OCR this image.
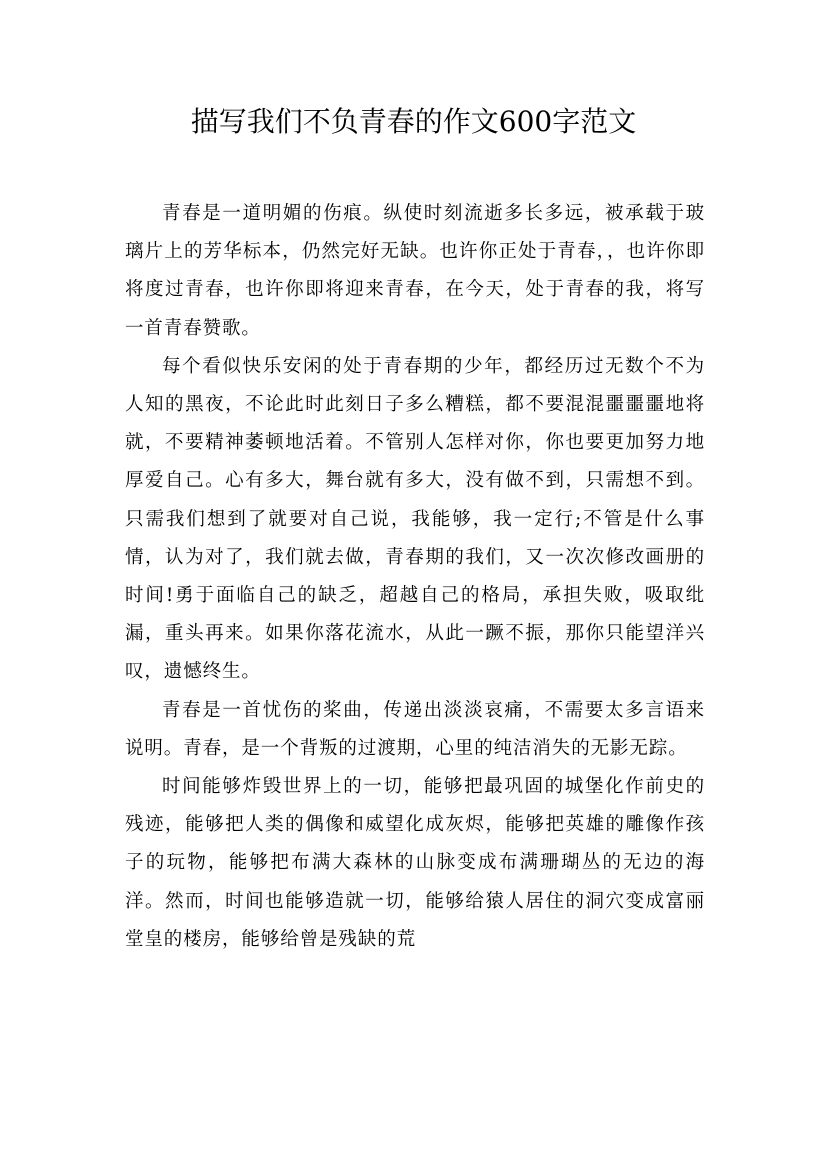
描写我们不负青春的作文600字范文

青春是一道明媚的伤痕。纵使时刻流逝多长多远，被承载于玻璃片上的芳华标本，仍然完好无缺。也许你正处于青春，，也许你即将度过青春，也许你即将迎来青春，在今天，处于青春的我，将写一首青春赞歌。

每个看似快乐安闲的处于青春期的少年，都经历过无数个不为人知的黑夜，不论此时此刻日子多么糟糕，都不要混混噩噩噩地将就，不要精神萎顿地活着。不管别人怎样对你，你也要更加努力地厚爱自己。心有多大，舞台就有多大，没有做不到，只需想不到。只需我们想到了就要对自己说，我能够，我一定行;不管是什么事情，认为对了，我们就去做，青春期的我们，又一次次修改画册的时间!勇于面临自己的缺乏，超越自己的格局，承担失败，吸取纰漏，重头再来。如果你落花流水，从此一蹶不振，那你只能望洋兴叹，遗憾终生。

青春是一首忧伤的桨曲，传递出淡淡哀痛，不需要太多言语来说明。青春，是一个背叛的过渡期，心里的纯洁消失的无影无踪。

时间能够炸毁世界上的一切，能够把最巩固的城堡化作前史的残迹，能够把人类的偶像和威望化成灰烬，能够把英雄的雕像作孩子的玩物，能够把布满大森林的山脉变成布满珊瑚丛的无边的海洋。然而，时间也能够造就一切，能够给猿人居住的洞穴变成富丽堂皇的楼房，能够给曾是残缺的荒
